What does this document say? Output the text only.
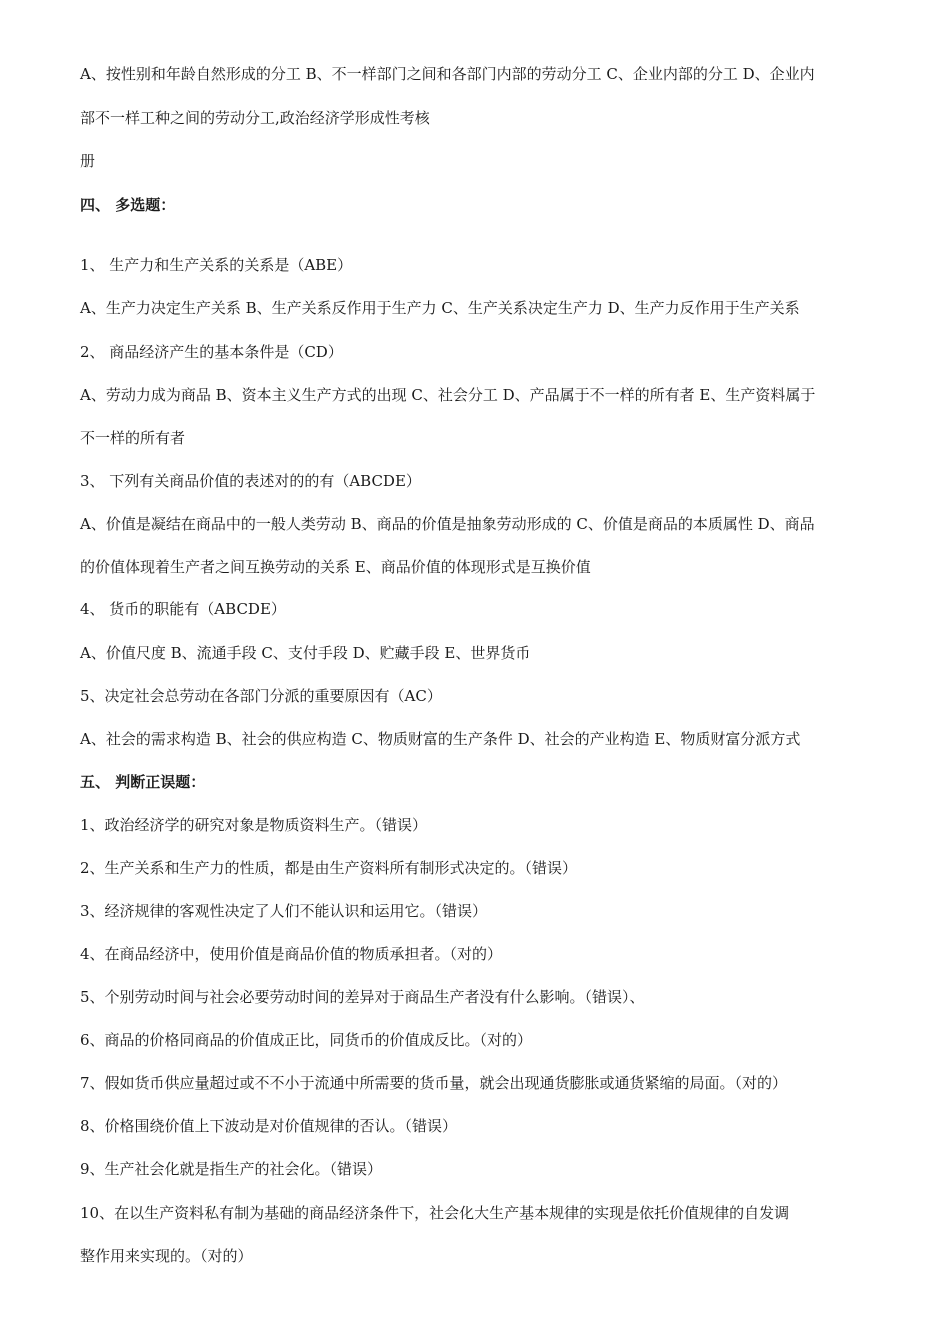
A、按性别和年龄自然形成的分工 B、不一样部门之间和各部门内部的劳动分工 C、企业内部的分工 D、企业内

部不一样工种之间的劳动分工,政治经济学形成性考核

册

四、 多选题：

1、 生产力和生产关系的关系是（ABE）

A、生产力决定生产关系 B、生产关系反作用于生产力 C、生产关系决定生产力 D、生产力反作用于生产关系

2、 商品经济产生的基本条件是（CD）

A、劳动力成为商品 B、资本主义生产方式的出现 C、社会分工 D、产品属于不一样的所有者 E、生产资料属于

不一样的所有者

3、 下列有关商品价值的表述对的的有（ABCDE）

A、价值是凝结在商品中的一般人类劳动 B、商品的价值是抽象劳动形成的 C、价值是商品的本质属性 D、商品

的价值体现着生产者之间互换劳动的关系 E、商品价值的体现形式是互换价值

4、 货币的职能有（ABCDE）

A、价值尺度 B、流通手段 C、支付手段 D、贮藏手段 E、世界货币

5、决定社会总劳动在各部门分派的重要原因有（AC）

A、社会的需求构造 B、社会的供应构造 C、物质财富的生产条件 D、社会的产业构造 E、物质财富分派方式

五、 判断正误题：

1、政治经济学的研究对象是物质资料生产。（错误）

2、生产关系和生产力的性质，都是由生产资料所有制形式决定的。（错误）

3、经济规律的客观性决定了人们不能认识和运用它。（错误）

4、在商品经济中，使用价值是商品价值的物质承担者。（对的）

5、个别劳动时间与社会必要劳动时间的差异对于商品生产者没有什么影响。（错误）、

6、商品的价格同商品的价值成正比，同货币的价值成反比。（对的）

7、假如货币供应量超过或不不小于流通中所需要的货币量，就会出现通货膨胀或通货紧缩的局面。（对的）

8、价格围绕价值上下波动是对价值规律的否认。（错误）

9、生产社会化就是指生产的社会化。（错误）

10、在以生产资料私有制为基础的商品经济条件下，社会化大生产基本规律的实现是依托价值规律的自发调

整作用来实现的。（对的）
